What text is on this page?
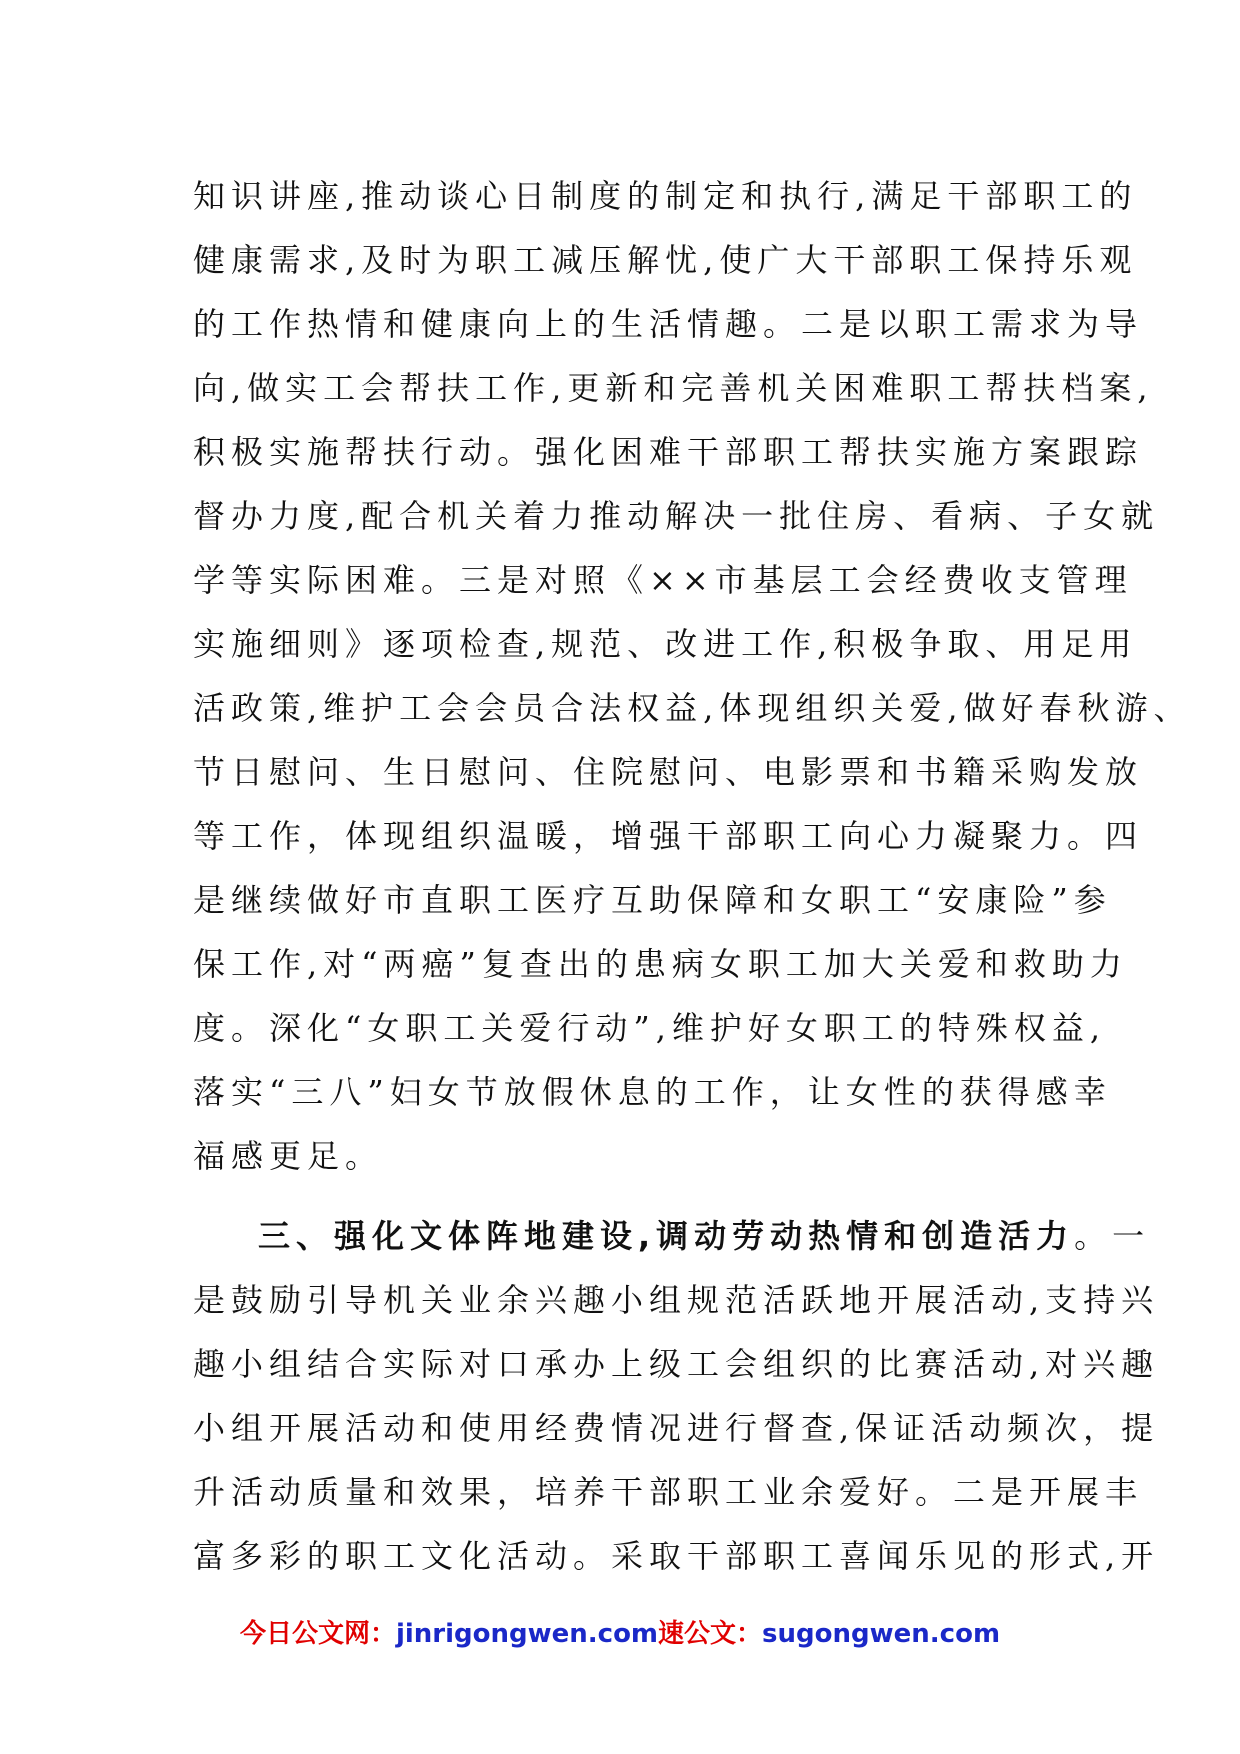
知识讲座,推动谈心日制度的制定和执行,满足干部职工的
健康需求,及时为职工减压解忧,使广大干部职工保持乐观
的工作热情和健康向上的生活情趣。二是以职工需求为导
向,做实工会帮扶工作,更新和完善机关困难职工帮扶档案,
积极实施帮扶行动。强化困难干部职工帮扶实施方案跟踪
督办力度,配合机关着力推动解决一批住房、看病、子女就
学等实际困难。三是对照《××市基层工会经费收支管理
实施细则》逐项检查,规范、改进工作,积极争取、用足用
活政策,维护工会会员合法权益,体现组织关爱,做好春秋游、
节日慰问、生日慰问、住院慰问、电影票和书籍采购发放
等工作，体现组织温暖，增强干部职工向心力凝聚力。四
是继续做好市直职工医疗互助保障和女职工“安康险”参
保工作,对“两癌”复查出的患病女职工加大关爱和救助力
度。深化“女职工关爱行动”,维护好女职工的特殊权益,
落实“三八”妇女节放假休息的工作，让女性的获得感幸
福感更足。
三、强化文体阵地建设,调动劳动热情和创造活力。一
是鼓励引导机关业余兴趣小组规范活跃地开展活动,支持兴
趣小组结合实际对口承办上级工会组织的比赛活动,对兴趣
小组开展活动和使用经费情况进行督查,保证活动频次，提
升活动质量和效果，培养干部职工业余爱好。二是开展丰
富多彩的职工文化活动。采取干部职工喜闻乐见的形式,开
今日公文网：jinrigongwen.com速公文：sugongwen.com
